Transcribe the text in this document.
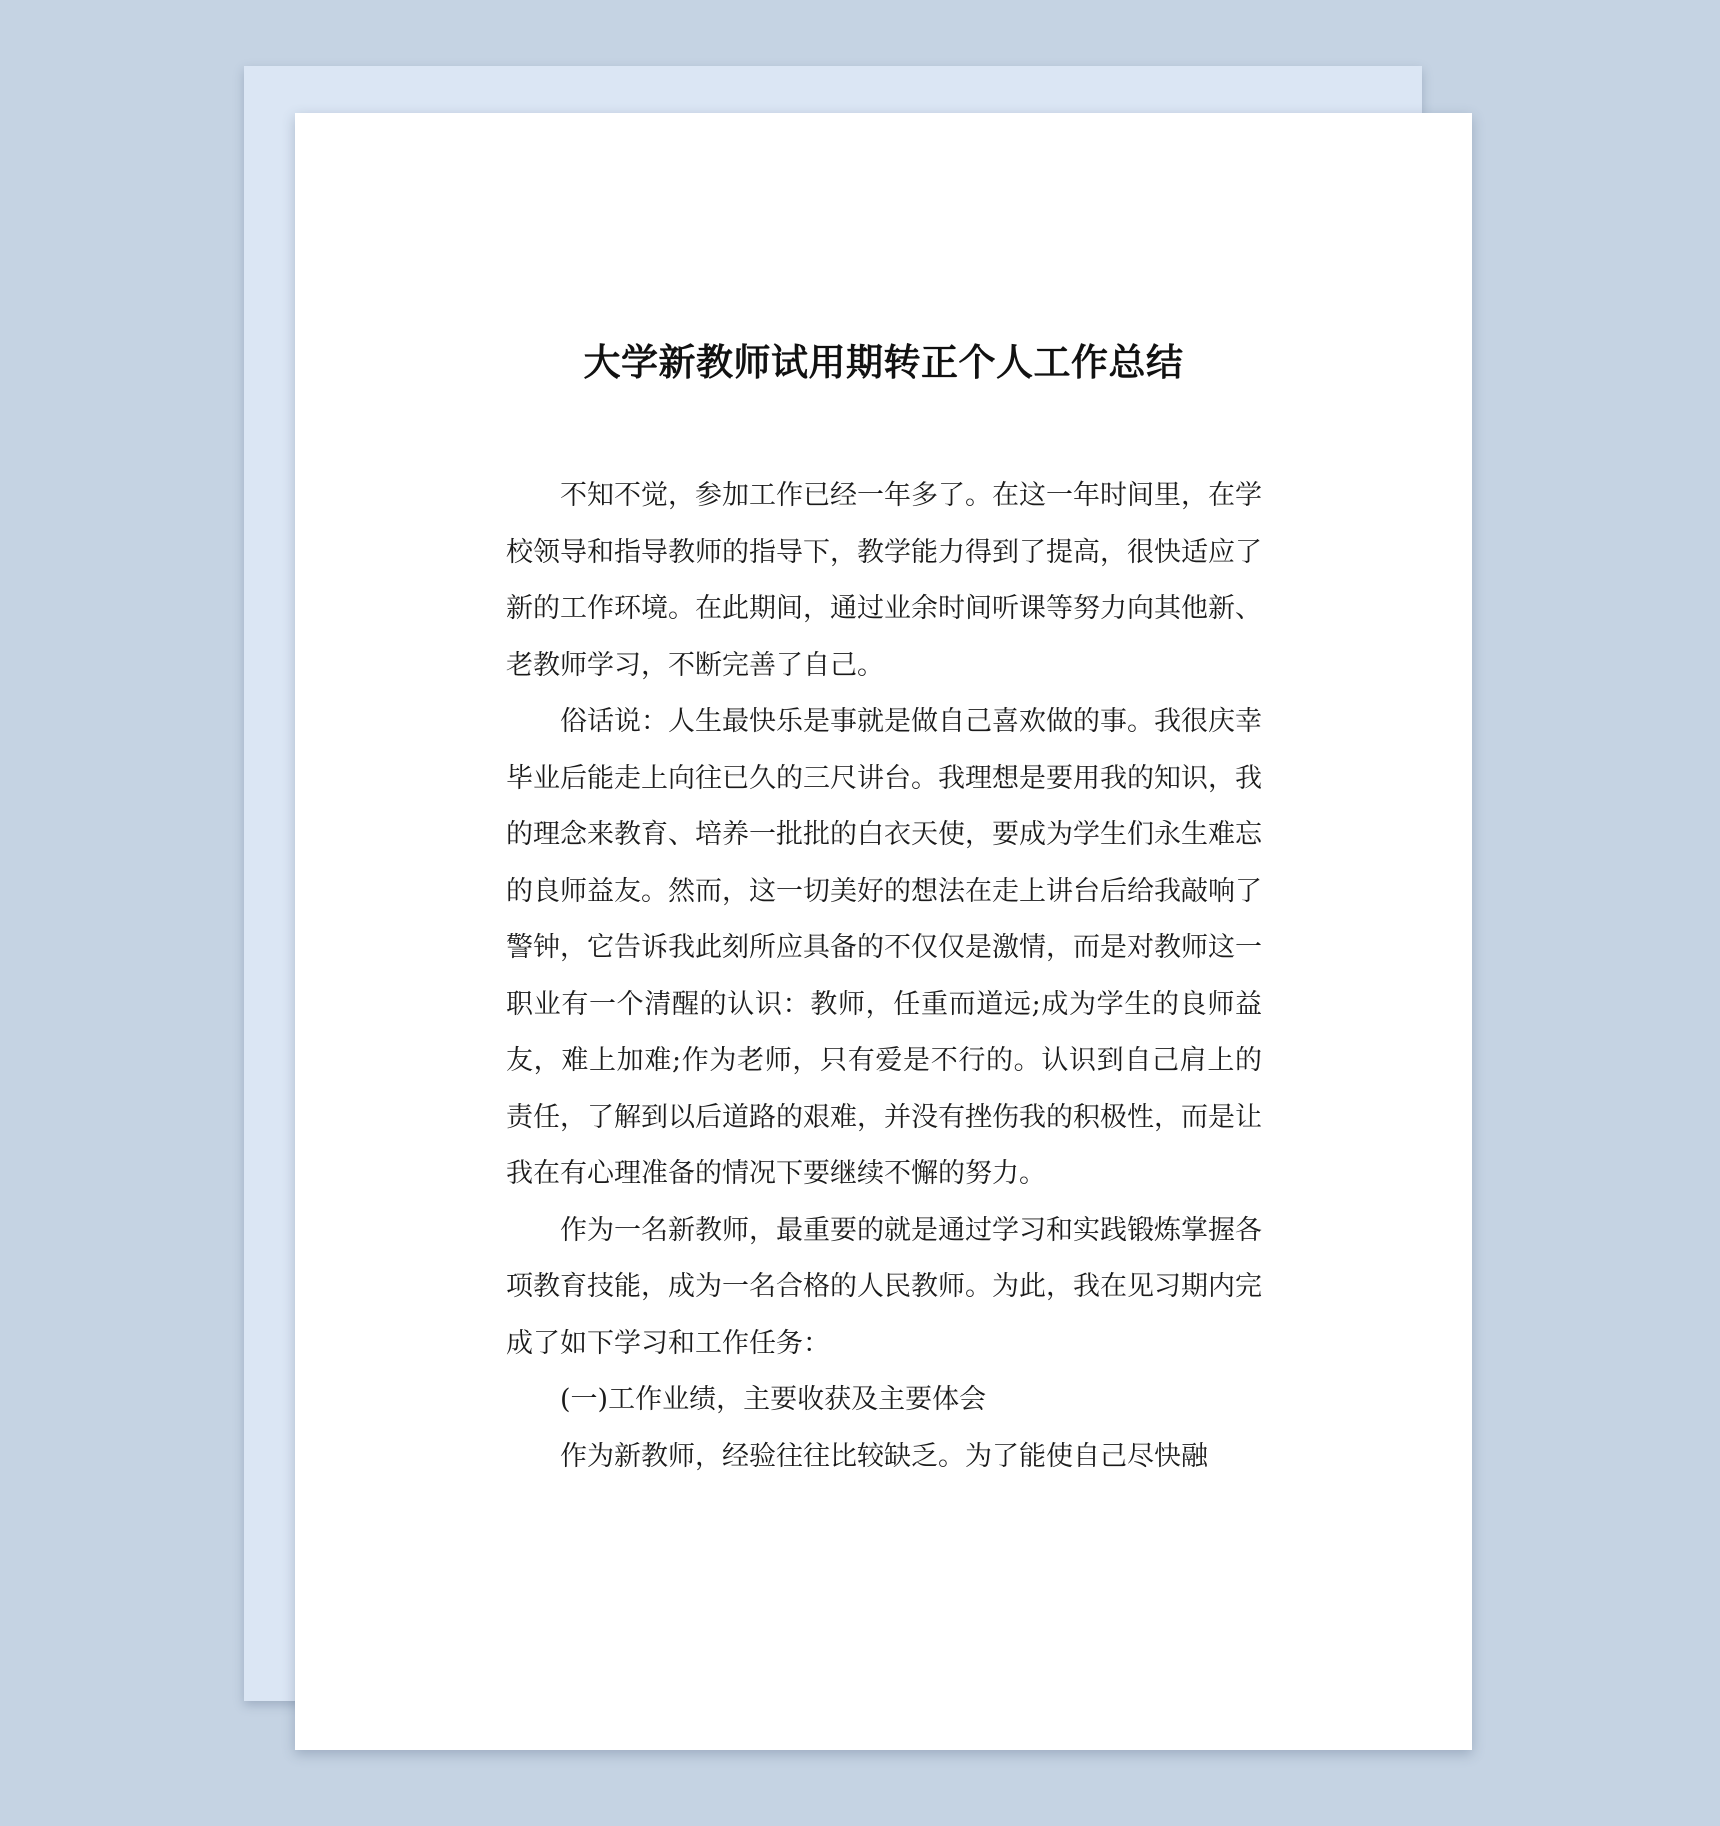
大学新教师试用期转正个人工作总结

不知不觉，参加工作已经一年多了。在这一年时间里，在学校领导和指导教师的指导下，教学能力得到了提高，很快适应了新的工作环境。在此期间，通过业余时间听课等努力向其他新、老教师学习，不断完善了自己。

俗话说：人生最快乐是事就是做自己喜欢做的事。我很庆幸毕业后能走上向往已久的三尺讲台。我理想是要用我的知识，我的理念来教育、培养一批批的白衣天使，要成为学生们永生难忘的良师益友。然而，这一切美好的想法在走上讲台后给我敲响了警钟，它告诉我此刻所应具备的不仅仅是激情，而是对教师这一职业有一个清醒的认识：教师，任重而道远;成为学生的良师益友，难上加难;作为老师，只有爱是不行的。认识到自己肩上的责任，了解到以后道路的艰难，并没有挫伤我的积极性，而是让我在有心理准备的情况下要继续不懈的努力。

作为一名新教师，最重要的就是通过学习和实践锻炼掌握各项教育技能，成为一名合格的人民教师。为此，我在见习期内完成了如下学习和工作任务：

(一)工作业绩，主要收获及主要体会

作为新教师，经验往往比较缺乏。为了能使自己尽快融
